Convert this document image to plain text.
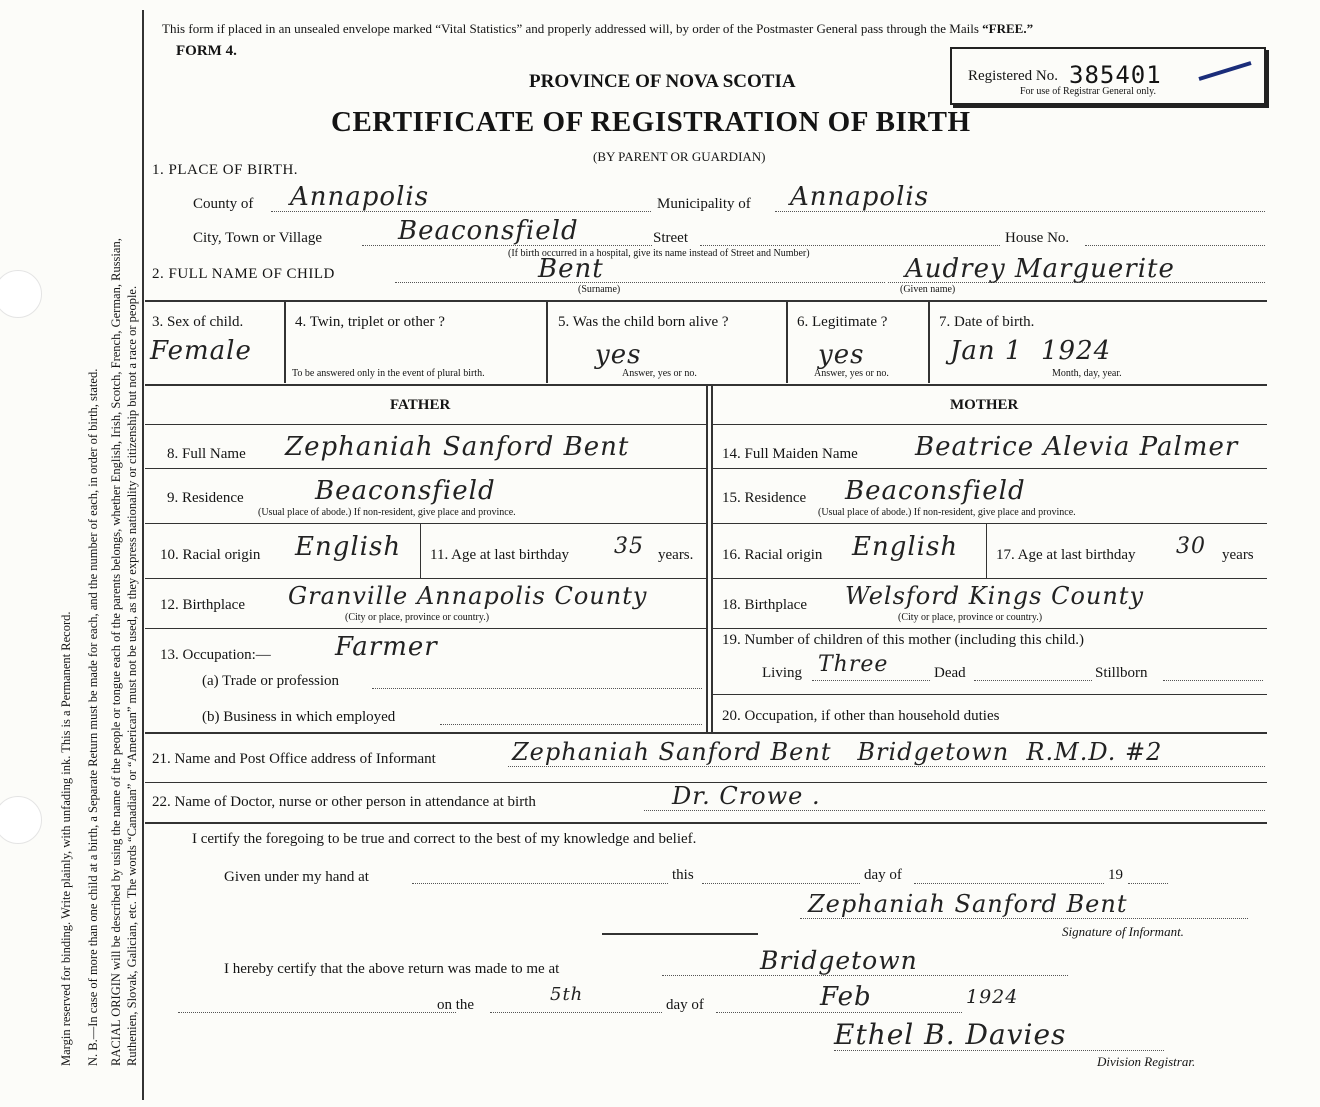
Margin reserved for binding. Write plainly, with unfading ink. This is a Permanent Record. N. B.—In case of more than one child at a birth, a Separate Return must be made for each, and the number of each, in order of birth, stated. RACIAL ORIGIN will be described by using the name of the people or tongue each of the parents belongs, whether English, Irish, Scotch, French, German, Russian, Ruthenien, Slovak, Galician, etc. The words “Canadian” or “American” must not be used, as they express nationality or citizenship but not a race or people.
This form if placed in an unsealed envelope marked “Vital Statistics” and properly addressed will, by order of the Postmaster General pass through the Mails “FREE.”
FORM 4.
PROVINCE OF NOVA SCOTIA
CERTIFICATE OF REGISTRATION OF BIRTH
(BY PARENT OR GUARDIAN)
Registered No. 385401
For use of Registrar General only.
1. PLACE OF BIRTH.
County of Annapolis	Municipality of Annapolis
City, Town or Village	Beaconsfield	Street	House No.
(If birth occurred in a hospital, give its name instead of Street and Number)
2. FULL NAME OF CHILD	Bent
(Surname)
Audrey Marguerite
(Given name)
3. Sex of child.
Female
4. Twin, triplet or other ?
To be answered only in the event of plural birth.
5. Was the child born alive ?
yes
Answer, yes or no.
6. Legitimate ?
yes
Answer, yes or no.
7. Date of birth.
Jan 1  1924
Month, day, year.
FATHER	MOTHER
8. Full Name Zephaniah Sanford Bent	14. Full Maiden Name Beatrice Alevia Palmer
9. Residence	Beaconsfield
(Usual place of abode.) If non-resident, give place and province.
15. Residence Beaconsfield
(Usual place of abode.) If non-resident, give place and province.
10. Racial origin English 11. Age at last birthday 35 years. 16. Racial origin English	17. Age at last birthday 30 years
12. Birthplace Granville Annapolis County
(City or place, province or country.)
18. Birthplace Welsford Kings County
(City or place, province or country.)
13. Occupation:— Farmer
(a) Trade or profession
(b) Business in which employed
19. Number of children of this mother (including this child.)
Living Three	Dead	Stillborn
20. Occupation, if other than household duties
21. Name and Post Office address of Informant	Zephaniah Sanford Bent   Bridgetown  R.M.D. #2
22. Name of Doctor, nurse or other person in attendance at birth	Dr. Crowe .
I certify the foregoing to be true and correct to the best of my knowledge and belief.
Given under my hand at	this	day of	19
Zephaniah Sanford Bent
Signature of Informant.
I hereby certify that the above return was made to me at	Bridgetown
on the	5th	day of	Feb	1924
Ethel B. Davies
Division Registrar.
